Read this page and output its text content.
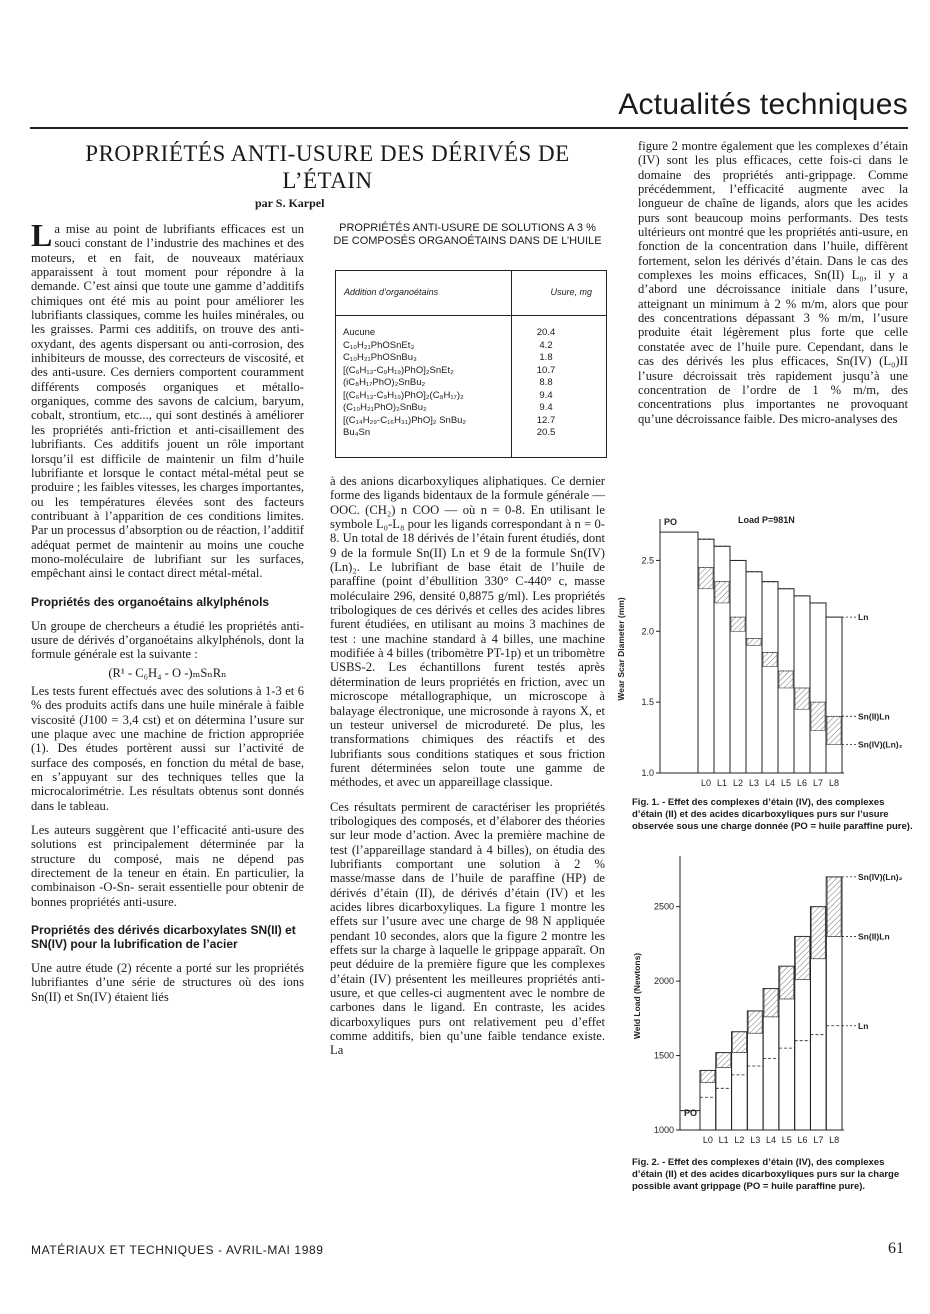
Actualités techniques
PROPRIÉTÉS ANTI-USURE DES DÉRIVÉS DE L’ÉTAIN
par S. Karpel

La mise au point de lubrifiants efficaces est un souci constant de l’industrie des machines et des moteurs, et en fait, de nouveaux matériaux apparaissent à tout moment pour répondre à la demande. C’est ainsi que toute une gamme d’additifs chimiques ont été mis au point pour améliorer les lubrifiants classiques, comme les huiles minérales, ou les graisses. Parmi ces additifs, on trouve des anti-oxydant, des agents dispersant ou anti-corrosion, des inhibiteurs de mousse, des correcteurs de viscosité, et des anti-usure. Ces derniers comportent couramment différents composés organiques et métallo-organiques, comme des savons de calcium, baryum, cobalt, strontium, etc..., qui sont destinés à améliorer les propriétés anti-friction et anti-cisaillement des lubrifiants. Ces additifs jouent un rôle important lorsqu’il est difficile de maintenir un film d’huile lubrifiante et lorsque le contact métal-métal peut se produire ; les faibles vitesses, les charges importantes, ou les températures élevées sont des facteurs contribuant à l’apparition de ces conditions limites. Par un processus d’absorption ou de réaction, l’additif adéquat permet de maintenir au moins une couche mono-moléculaire de lubrifiant sur les surfaces, empêchant ainsi le contact direct métal-métal.

Propriétés des organoétains alkylphénols

Un groupe de chercheurs a étudié les propriétés anti-usure de dérivés d’organoétains alkylphénols, dont la formule générale est la suivante :

(R¹ - C₆H₄ - O -)ₘSₙRₙ

Les tests furent effectués avec des solutions à 1-3 et 6 % des produits actifs dans une huile minérale à faible viscosité (J100 = 3,4 cst) et on détermina l’usure sur une plaque avec une machine de friction appropriée (1). Des études portèrent aussi sur l’activité de surface des composés, en fonction du métal de base, en s’appuyant sur des techniques telles que la microcalorimétrie. Les résultats obtenus sont donnés dans le tableau.

Les auteurs suggèrent que l’efficacité anti-usure des solutions est principalement déterminée par la structure du composé, mais ne dépend pas directement de la teneur en étain. En particulier, la combinaison -O-Sn- serait essentielle pour obtenir de bonnes propriétés anti-usure.

Propriétés des dérivés dicarboxylates SN(II) et SN(IV) pour la lubrification de l’acier

Une autre étude (2) récente a porté sur les propriétés lubrifiantes d’une série de structures où des ions Sn(II) et Sn(IV) étaient liés

PROPRIÉTÉS ANTI-USURE DE SOLUTIONS A 3 % DE COMPOSÉS ORGANOÉTAINS DANS DE L’HUILE
Addition d’organoétains	Usure, mg
Aucune	20.4
C₁₀H₂₁PhOSnEt₃	4.2
C₁₀H₂₁PhOSnBu₃	1.8
[(C₆H₁₃-C₉H₁₉)PhO]₂SnEt₂	10.7
(iC₈H₁₇PhO)₂SnBu₂	8.8
[(C₆H₁₃-C₉H₁₉)PhO]₂(C₈H₁₇)₂	9.4
(C₁₀H₂₁PhO)₂SnBu₂	9.4
[(C₁₄H₂₉-C₁₆H₃₁)PhO]₂ SnBu₂	12.7
Bu₄Sn	20.5

à des anions dicarboxyliques aliphatiques. Ce dernier forme des ligands bidentaux de la formule générale — OOC. (CH₂) n COO — où n = 0-8. En utilisant le symbole L₀-L₈ pour les ligands correspondant à n = 0-8. Un total de 18 dérivés de l’étain furent étudiés, dont 9 de la formule Sn(II) Ln et 9 de la formule Sn(IV) (Ln)₂. Le lubrifiant de base était de l’huile de paraffine (point d’ébullition 330° C-440° c, masse moléculaire 296, densité 0,8875 g/ml). Les propriétés tribologiques de ces dérivés et celles des acides libres furent étudiées, en utilisant au moins 3 machines de test : une machine standard à 4 billes, une machine modifiée à 4 billes (tribomètre PT-1p) et un tribomètre USBS-2. Les échantillons furent testés après détermination de leurs propriétés en friction, avec un microscope métallographique, un microscope à balayage électronique, une microsonde à rayons X, et un testeur universel de microdureté. De plus, les transformations chimiques des réactifs et des lubrifiants sous conditions statiques et sous friction furent déterminées selon toute une gamme de méthodes, et avec un appareillage classique.

Ces résultats permirent de caractériser les propriétés tribologiques des composés, et d’élaborer des théories sur leur mode d’action. Avec la première machine de test (l’appareillage standard à 4 billes), on étudia des lubrifiants comportant une solution à 2 % masse/masse dans de l’huile de paraffine (HP) de dérivés d’étain (II), de dérivés d’étain (IV) et les acides libres dicarboxyliques. La figure 1 montre les effets sur l’usure avec une charge de 98 N appliquée pendant 10 secondes, alors que la figure 2 montre les effets sur la charge à laquelle le grippage apparaît. On peut déduire de la première figure que les complexes d’étain (IV) présentent les meilleures propriétés anti-usure, et que celles-ci augmentent avec le nombre de carbones dans le ligand. En contraste, les acides dicarboxyliques purs ont relativement peu d’effet comme additifs, bien qu’une faible tendance existe. La

figure 2 montre également que les complexes d’étain (IV) sont les plus efficaces, cette fois-ci dans le domaine des propriétés anti-grippage. Comme précédemment, l’efficacité augmente avec la longueur de chaîne de ligands, alors que les acides purs sont beaucoup moins performants. Des tests ultérieurs ont montré que les propriétés anti-usure, en fonction de la concentration dans l’huile, diffèrent fortement, selon les dérivés d’étain. Dans le cas des complexes les moins efficaces, Sn(II) L₀, il y a d’abord une décroissance initiale dans l’usure, atteignant un minimum à 2 % m/m, alors que pour des concentrations dépassant 3 % m/m, l’usure produite était légèrement plus forte que celle constatée avec de l’huile pure. Cependant, dans le cas des dérivés les plus efficaces, Sn(IV) (L₀)II l’usure décroissait très rapidement jusqu’à une concentration de l’ordre de 1 % m/m, des concentrations plus importantes ne provoquant qu’une décroissance faible. Des micro-analyses des

1.0
1.5
2.0
2.5
Wear Scar Diameter (mm)
PO
L0 L1 L2 L3 L4 L5 L6 L7 L8
Ln
Sn(II)Ln
Sn(IV)(Ln)₂
Load P=981N
Fig. 1. - Effet des complexes d’étain (IV), des complexes d’étain (II) et des acides dicarboxyliques purs sur l’usure observée sous une charge donnée (PO = huile paraffine pure).
1000
1500
2000
2500
Weld Load (Newtons)
PO
L0 L1 L2 L3 L4 L5 L6 L7 L8
Ln
Sn(II)Ln
Sn(IV)(Ln)₂
Fig. 2. - Effet des complexes d’étain (IV), des complexes d’étain (II) et des acides dicarboxyliques purs sur la charge possible avant grippage (PO = huile paraffine pure).
MATÉRIAUX ET TECHNIQUES - AVRIL-MAI 1989	61
